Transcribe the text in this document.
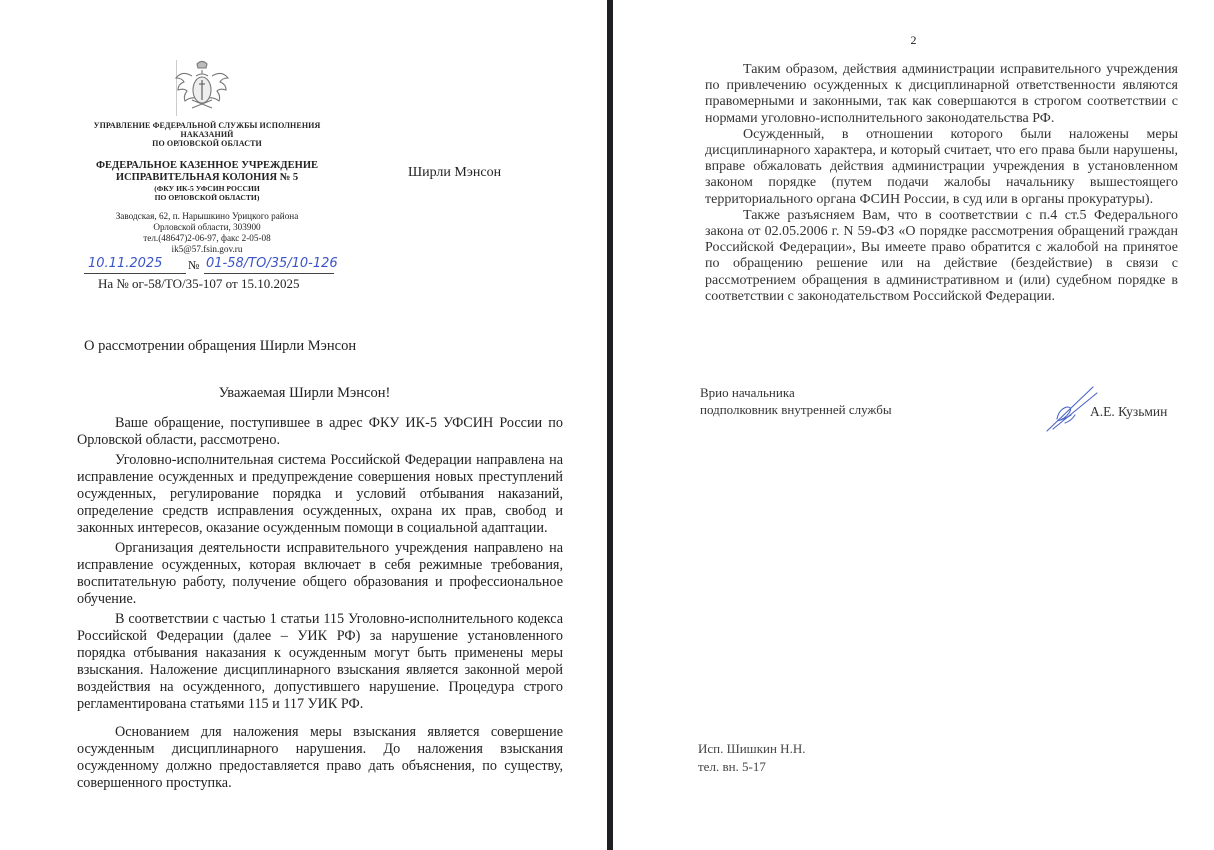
УПРАВЛЕНИЕ ФЕДЕРАЛЬНОЙ СЛУЖБЫ ИСПОЛНЕНИЯ
НАКАЗАНИЙ
ПО ОРЛОВСКОЙ ОБЛАСТИ
ФЕДЕРАЛЬНОЕ КАЗЕННОЕ УЧРЕЖДЕНИЕ
ИСПРАВИТЕЛЬНАЯ КОЛОНИЯ № 5
(ФКУ ИК-5 УФСИН РОССИИ
ПО ОРЛОВСКОЙ ОБЛАСТИ)
Заводская, 62, п. Нарышкино Урицкого района
Орловской области, 303900
тел.(48647)2-06-97, факс 2-05-08
ik5@57.fsin.gov.ru
10.11.2025	№ 01-58/ТО/35/10-126
На № ог-58/ТО/35-107 от 15.10.2025
Ширли Мэнсон
О рассмотрении обращения Ширли Мэнсон
Уважаемая Ширли Мэнсон!

Ваше обращение, поступившее в адрес ФКУ ИК-5 УФСИН России по Орловской области, рассмотрено.

Уголовно-исполнительная система Российской Федерации направлена на исправление осужденных и предупреждение совершения новых преступлений осужденных, регулирование порядка и условий отбывания наказаний, определение средств исправления осужденных, охрана их прав, свобод и законных интересов, оказание осужденным помощи в социальной адаптации.

Организация деятельности исправительного учреждения направлено на исправление осужденных, которая включает в себя режимные требования, воспитательную работу, получение общего образования и профессиональное обучение.

В соответствии с частью 1 статьи 115 Уголовно-исполнительного кодекса Российской Федерации (далее – УИК РФ) за нарушение установленного порядка отбывания наказания к осужденным могут быть применены меры взыскания. Наложение дисциплинарного взыскания является законной мерой воздействия на осужденного, допустившего нарушение. Процедура строго регламентирована статьями 115 и 117 УИК РФ.

Основанием для наложения меры взыскания является совершение осужденным дисциплинарного нарушения. До наложения взыскания осужденному должно предоставляется право дать объяснения, по существу, совершенного проступка.

2

Таким образом, действия администрации исправительного учреждения по привлечению осужденных к дисциплинарной ответственности являются правомерными и законными, так как совершаются в строгом соответствии с нормами уголовно-исполнительного законодательства РФ.

Осужденный, в отношении которого были наложены меры дисциплинарного характера, и который считает, что его права были нарушены, вправе обжаловать действия администрации учреждения в установленном законом порядке (путем подачи жалобы начальнику вышестоящего территориального органа ФСИН России, в суд или в органы прокуратуры).

Также разъясняем Вам, что в соответствии с п.4 ст.5 Федерального закона от 02.05.2006 г. N 59-ФЗ «О порядке рассмотрения обращений граждан Российской Федерации», Вы имеете право обратится с жалобой на принятое по обращению решение или на действие (бездействие) в связи с рассмотрением обращения в административном и (или) судебном порядке в соответствии с законодательством Российской Федерации.

Врио начальника
подполковник внутренней службы	А.Е. Кузьмин
Исп. Шишкин Н.Н.
тел. вн. 5-17
